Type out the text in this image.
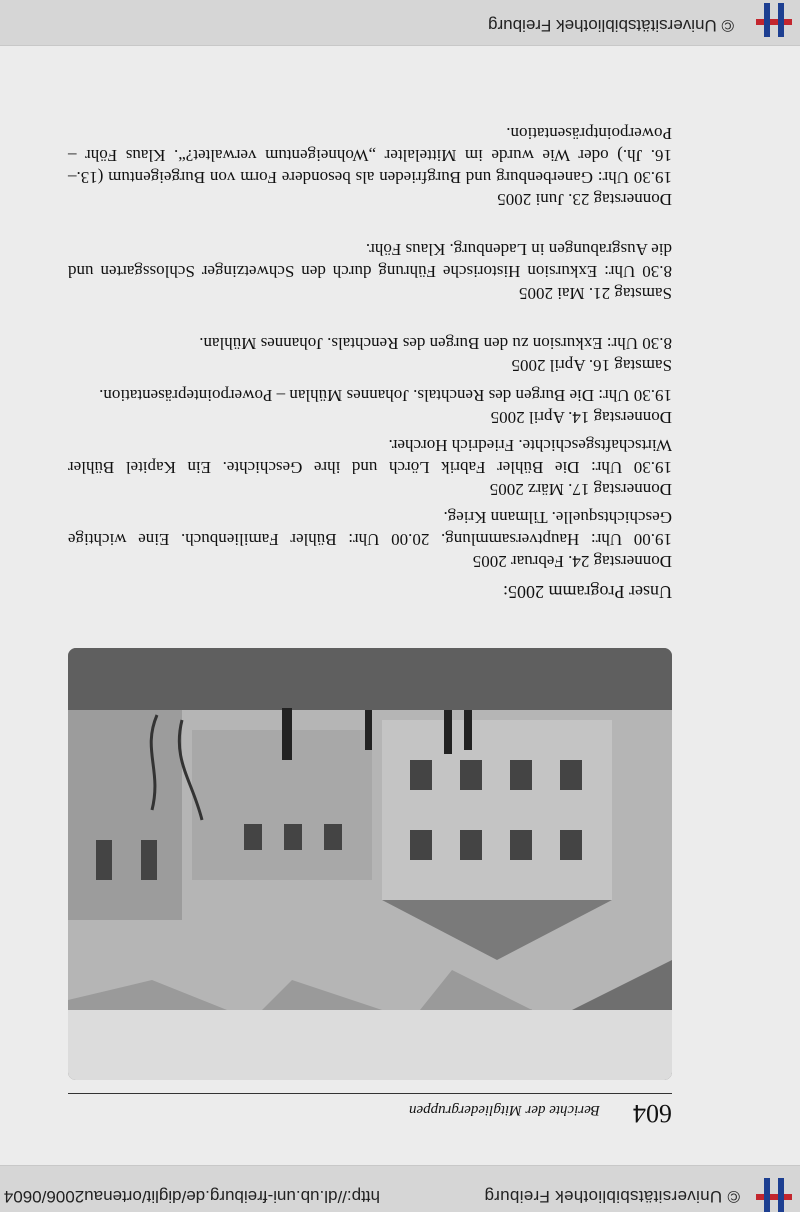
© Universitätsbibliothek Freiburg
http://dl.ub.uni-freiburg.de/diglit/ortenau2006/0604
604
Berichte der Mitgliedergruppen
Unser Programm 2005:
Donnerstag 24. Februar 2005
19.00 Uhr: Hauptversammlung. 20.00 Uhr: Bühler Familienbuch. Eine wichtige Geschichtsquelle. Tilmann Krieg.
Donnerstag 17. März 2005
19.30 Uhr: Die Bühler Fabrik Lörch und ihre Geschichte. Ein Kapitel Bühler Wirtschaftsgeschichte. Friedrich Horcher.
Donnerstag 14. April 2005
19.30 Uhr: Die Burgen des Renchtals. Johannes Mühlan – Powerpointepräsentation.
Samstag 16. April 2005
8.30 Uhr: Exkursion zu den Burgen des Renchtals. Johannes Mühlan.
Samstag 21. Mai 2005
8.30 Uhr: Exkursion Historische Führung durch den Schwetzinger Schlossgarten und die Ausgrabungen in Ladenburg. Klaus Föhr.
Donnerstag 23. Juni 2005
19.30 Uhr: Ganerbenburg und Burgfrieden als besondere Form von Burgeigentum (13.–16. Jh.) oder Wie wurde im Mittelalter „Wohneigentum verwaltet?“. Klaus Föhr – Powerpointpräsentation.
© Universitätsbibliothek Freiburg
